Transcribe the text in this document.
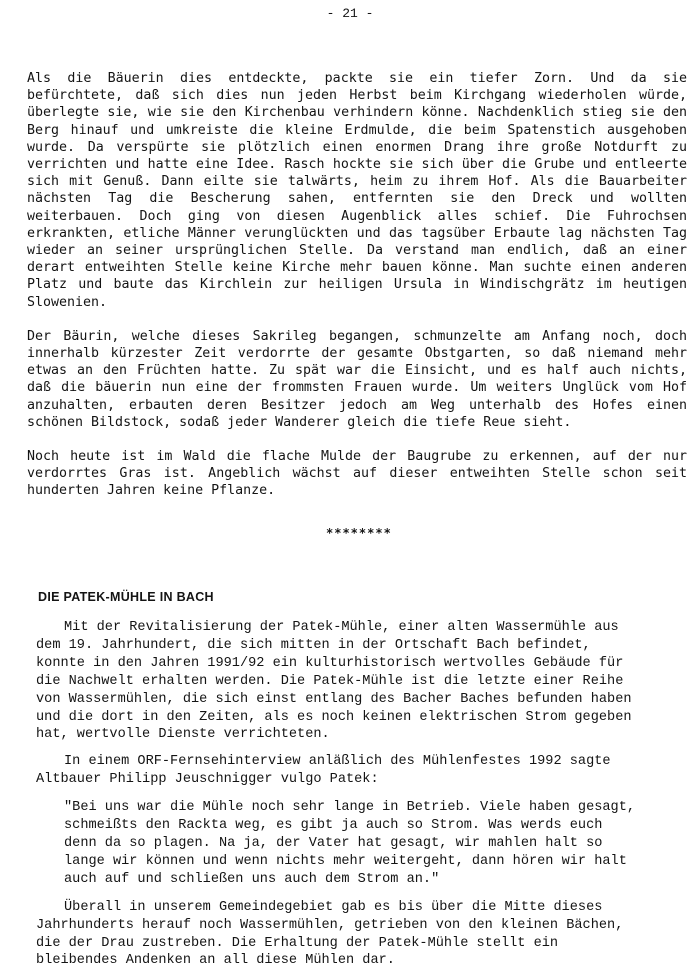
- 21 -

Als die Bäuerin dies entdeckte, packte sie ein tiefer Zorn. Und da sie befürchtete, daß sich dies nun jeden Herbst beim Kirchgang wiederholen würde, überlegte sie, wie sie den Kirchenbau verhindern könne. Nachdenklich stieg sie den Berg hinauf und umkreiste die kleine Erdmulde, die beim Spatenstich ausgehoben wurde. Da verspürte sie plötzlich einen enormen Drang ihre große Notdurft zu verrichten und hatte eine Idee. Rasch hockte sie sich über die Grube und entleerte sich mit Genuß. Dann eilte sie talwärts, heim zu ihrem Hof. Als die Bauarbeiter nächsten Tag die Bescherung sahen, entfernten sie den Dreck und wollten weiterbauen. Doch ging von diesen Augenblick alles schief. Die Fuhrochsen erkrankten, etliche Männer verunglückten und das tagsüber Erbaute lag nächsten Tag wieder an seiner ursprünglichen Stelle. Da verstand man endlich, daß an einer derart entweihten Stelle keine Kirche mehr bauen könne. Man suchte einen anderen Platz und baute das Kirchlein zur heiligen Ursula in Windischgrätz im heutigen Slowenien.

Der Bäurin, welche dieses Sakrileg begangen, schmunzelte am Anfang noch, doch innerhalb kürzester Zeit verdorrte der gesamte Obstgarten, so daß niemand mehr etwas an den Früchten hatte. Zu spät war die Einsicht, und es half auch nichts, daß die bäuerin nun eine der frommsten Frauen wurde. Um weiters Unglück vom Hof anzuhalten, erbauten deren Besitzer jedoch am Weg unterhalb des Hofes einen schönen Bildstock, sodaß jeder Wanderer gleich die tiefe Reue sieht.

Noch heute ist im Wald die flache Mulde der Baugrube zu erkennen, auf der nur verdorrtes Gras ist. Angeblich wächst auf dieser entweihten Stelle schon seit hunderten Jahren keine Pflanze.

********
DIE PATEK-MÜHLE IN BACH

Mit der Revitalisierung der Patek-Mühle, einer alten Wassermühle aus dem 19. Jahrhundert, die sich mitten in der Ortschaft Bach befindet, konnte in den Jahren 1991/92 ein kulturhistorisch wertvolles Gebäude für die Nachwelt erhalten werden. Die Patek-Mühle ist die letzte einer Reihe von Wassermühlen, die sich einst entlang des Bacher Baches befunden haben und die dort in den Zeiten, als es noch keinen elektrischen Strom gegeben hat, wertvolle Dienste verrichteten.

In einem ORF-Fernsehinterview anläßlich des Mühlenfestes 1992 sagte Altbauer Philipp Jeuschnigger vulgo Patek:

"Bei uns war die Mühle noch sehr lange in Betrieb. Viele haben gesagt, schmeißts den Rackta weg, es gibt ja auch so Strom. Was werds euch denn da so plagen. Na ja, der Vater hat gesagt, wir mahlen halt so lange wir können und wenn nichts mehr weitergeht, dann hören wir halt auch auf und schließen uns auch dem Strom an."

Überall in unserem Gemeindegebiet gab es bis über die Mitte dieses Jahrhunderts herauf noch Wassermühlen, getrieben von den kleinen Bächen, die der Drau zustreben. Die Erhaltung der Patek-Mühle stellt ein bleibendes Andenken an all diese Mühlen dar.
